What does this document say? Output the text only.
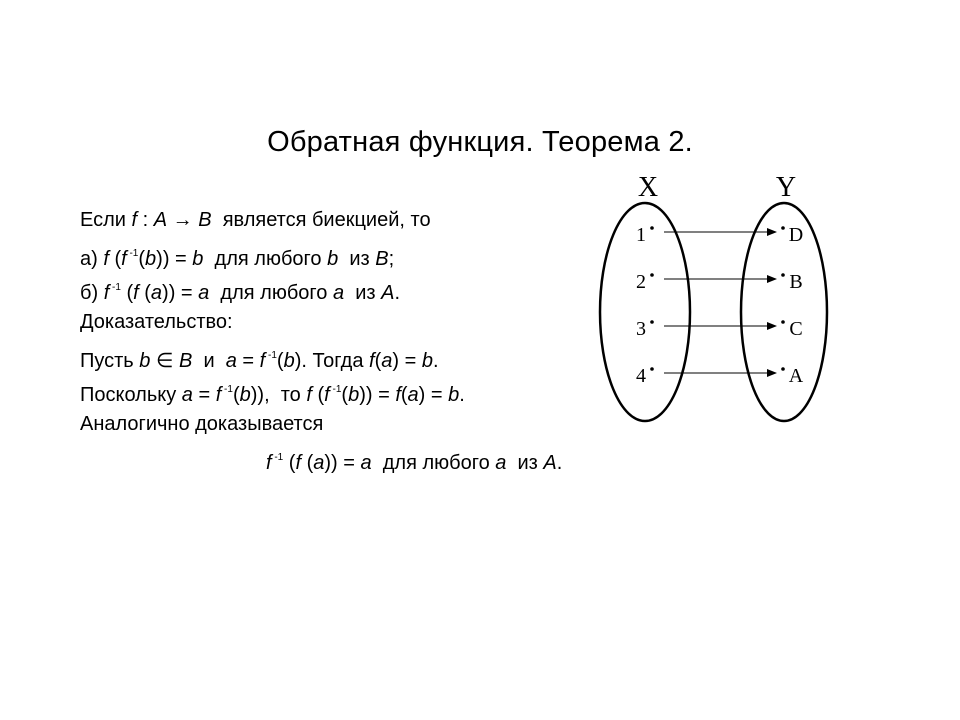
Обратная функция. Теорема 2.
Если f : A → B является биекцией, то
а) f (f $^{-1}$(b)) = b для любого b из B;
б) f $^{-1}$ (f (a)) = a для любого a из A.
Доказательство:
Пусть b ∈ B и a = f $^{-1}$(b). Тогда f(a) = b.
Поскольку a = f $^{-1}$(b)),  то f (f $^{-1}$(b)) = f(a) = b.
Аналогично доказывается
f $^{-1}$ (f (a)) = a для любого a из A.
X	Y
1	D
2	B
3	C
4	A
